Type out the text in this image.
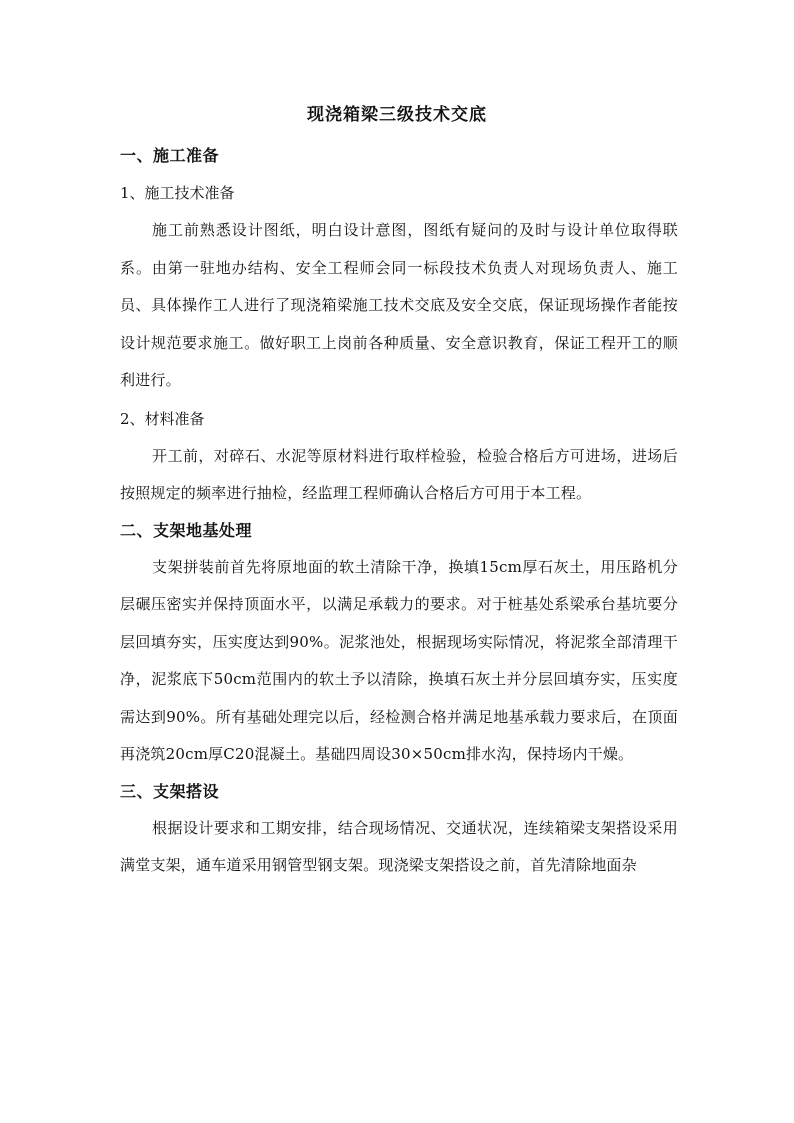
现浇箱梁三级技术交底
一、施工准备
1、施工技术准备

施工前熟悉设计图纸，明白设计意图，图纸有疑问的及时与设计单位取得联系。由第一驻地办结构、安全工程师会同一标段技术负责人对现场负责人、施工员、具体操作工人进行了现浇箱梁施工技术交底及安全交底，保证现场操作者能按设计规范要求施工。做好职工上岗前各种质量、安全意识教育，保证工程开工的顺利进行。

2、材料准备

开工前，对碎石、水泥等原材料进行取样检验，检验合格后方可进场，进场后按照规定的频率进行抽检，经监理工程师确认合格后方可用于本工程。

二、支架地基处理

支架拼装前首先将原地面的软土清除干净，换填15cm厚石灰土，用压路机分层碾压密实并保持顶面水平，以满足承载力的要求。对于桩基处系梁承台基坑要分层回填夯实，压实度达到90%。泥浆池处，根据现场实际情况，将泥浆全部清理干净，泥浆底下50cm范围内的软土予以清除，换填石灰土并分层回填夯实，压实度需达到90%。所有基础处理完以后，经检测合格并满足地基承载力要求后，在顶面再浇筑20cm厚C20混凝土。基础四周设30×50cm排水沟，保持场内干燥。

三、支架搭设

根据设计要求和工期安排，结合现场情况、交通状况，连续箱梁支架搭设采用满堂支架，通车道采用钢管型钢支架。现浇梁支架搭设之前，首先清除地面杂
